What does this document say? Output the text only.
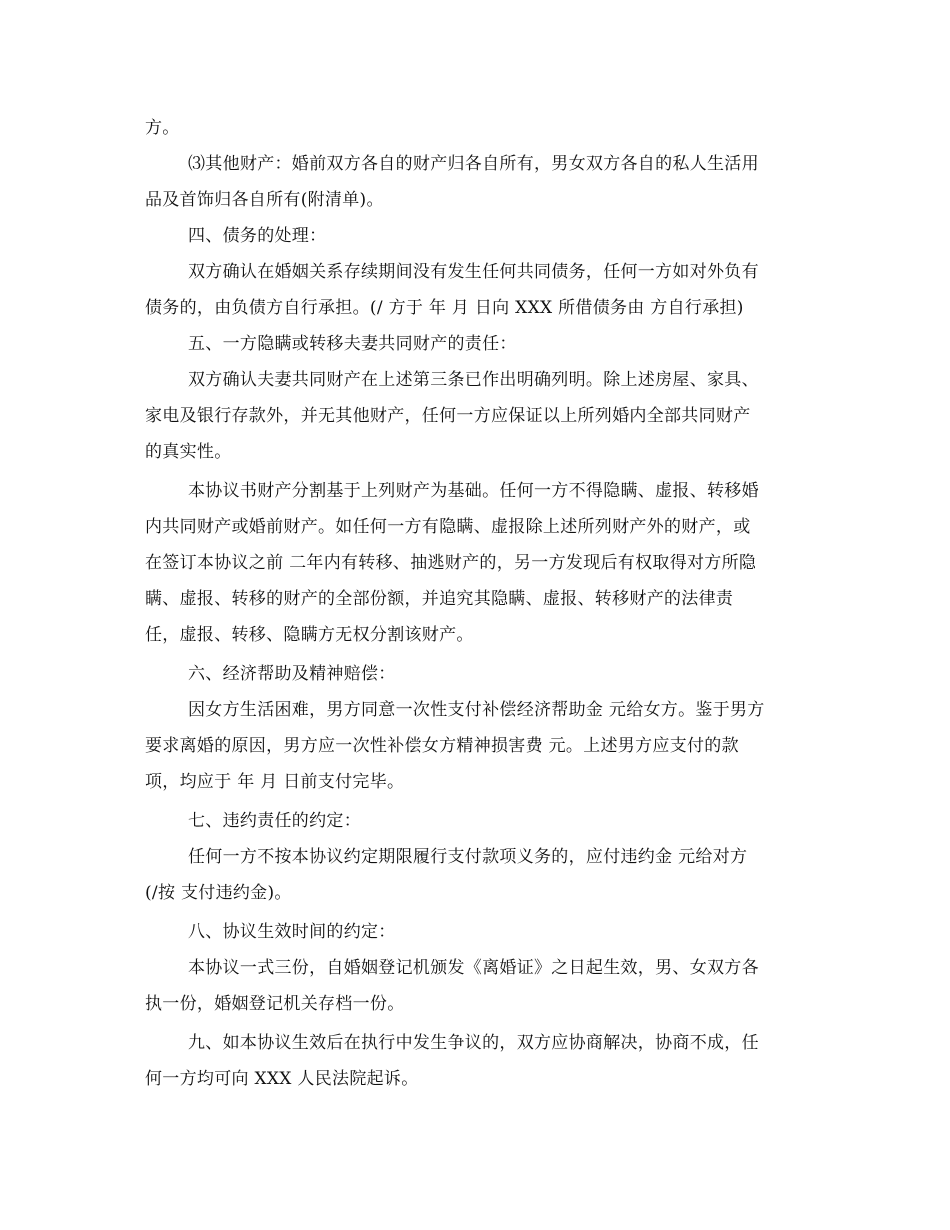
方。
⑶其他财产：婚前双方各自的财产归各自所有，男女双方各自的私人生活用
品及首饰归各自所有(附清单)。
四、债务的处理：
双方确认在婚姻关系存续期间没有发生任何共同债务，任何一方如对外负有
债务的，由负债方自行承担。(/ 方于 年 月 日向 XXX 所借债务由 方自行承担)
五、一方隐瞒或转移夫妻共同财产的责任：
双方确认夫妻共同财产在上述第三条已作出明确列明。除上述房屋、家具、
家电及银行存款外，并无其他财产，任何一方应保证以上所列婚内全部共同财产
的真实性。
本协议书财产分割基于上列财产为基础。任何一方不得隐瞒、虚报、转移婚
内共同财产或婚前财产。如任何一方有隐瞒、虚报除上述所列财产外的财产，或
在签订本协议之前 二年内有转移、抽逃财产的，另一方发现后有权取得对方所隐
瞒、虚报、转移的财产的全部份额，并追究其隐瞒、虚报、转移财产的法律责
任，虚报、转移、隐瞒方无权分割该财产。
六、经济帮助及精神赔偿：
因女方生活困难，男方同意一次性支付补偿经济帮助金 元给女方。鉴于男方
要求离婚的原因，男方应一次性补偿女方精神损害费 元。上述男方应支付的款
项，均应于 年 月 日前支付完毕。
七、违约责任的约定：
任何一方不按本协议约定期限履行支付款项义务的，应付违约金 元给对方
(/按 支付违约金)。
八、协议生效时间的约定：
本协议一式三份，自婚姻登记机颁发《离婚证》之日起生效，男、女双方各
执一份，婚姻登记机关存档一份。
九、如本协议生效后在执行中发生争议的，双方应协商解决，协商不成，任
何一方均可向 XXX 人民法院起诉。
